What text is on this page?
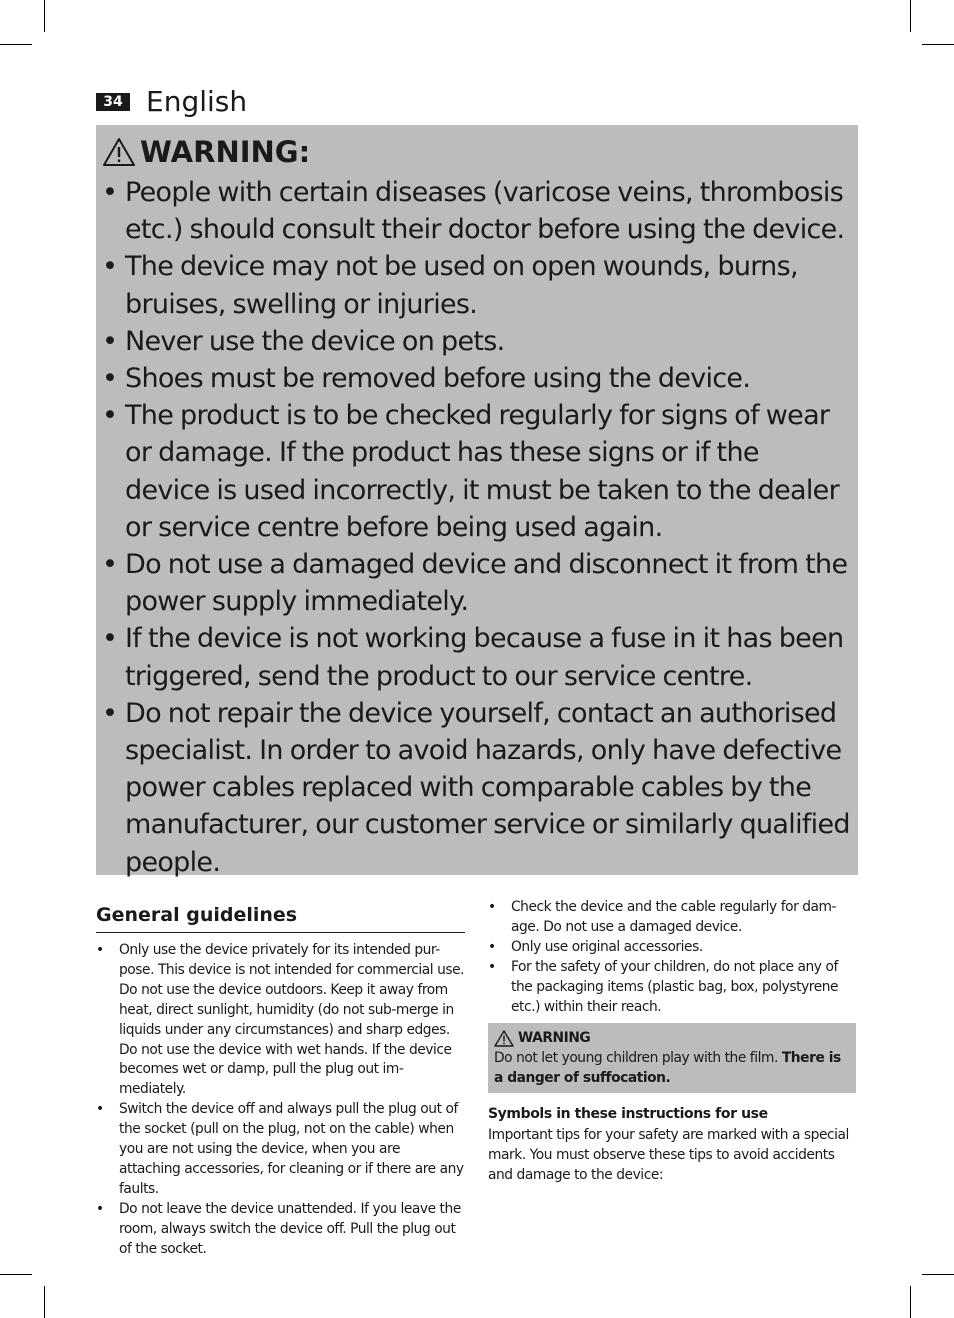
34 English
WARNING:
• People with certain diseases (varicose veins, thrombosis etc.) should consult their doctor before using the device.
• The device may not be used on open wounds, burns, bruises, swelling or injuries.
• Never use the device on pets.
• Shoes must be removed before using the device.
• The product is to be checked regularly for signs of wear or damage. If the product has these signs or if the device is used incorrectly, it must be taken to the dealer or service centre before being used again.
• Do not use a damaged device and disconnect it from the power supply immediately.
• If the device is not working because a fuse in it has been triggered, send the product to our service centre.
• Do not repair the device yourself, contact an authorised specialist. In order to avoid hazards, only have defective power cables replaced with comparable cables by the manufacturer, our customer service or similarly qualified people.
General guidelines
• Only use the device privately for its intended pur-pose. This device is not intended for commercial use. Do not use the device outdoors. Keep it away from heat, direct sunlight, humidity (do not sub-merge in liquids under any circumstances) and sharp edges. Do not use the device with wet hands. If the device becomes wet or damp, pull the plug out im-mediately.
• Switch the device off and always pull the plug out of the socket (pull on the plug, not on the cable) when you are not using the device, when you are attaching accessories, for cleaning or if there are any faults.
• Do not leave the device unattended. If you leave the room, always switch the device off. Pull the plug out of the socket.
• Check the device and the cable regularly for dam-age. Do not use a damaged device.
• Only use original accessories.
• For the safety of your children, do not place any of the packaging items (plastic bag, box, polystyrene etc.) within their reach.
WARNING
Do not let young children play with the film. There is a danger of suffocation.
Symbols in these instructions for use
Important tips for your safety are marked with a special mark. You must observe these tips to avoid accidents and damage to the device:
